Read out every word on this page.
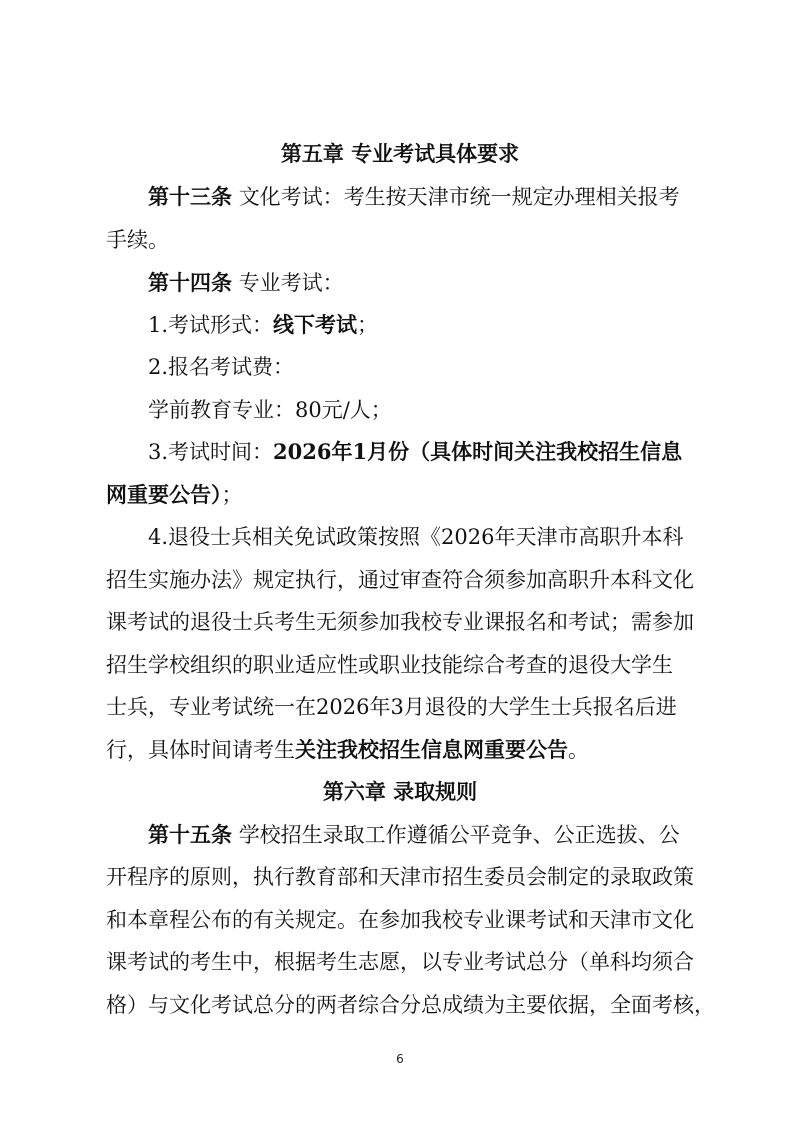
第五章 专业考试具体要求
第十三条 文化考试：考生按天津市统一规定办理相关报考
手续。
第十四条 专业考试：
1.考试形式：线下考试；
2.报名考试费：
学前教育专业：80元/人；
3.考试时间：2026年1月份（具体时间关注我校招生信息
网重要公告）；
4.退役士兵相关免试政策按照《2026年天津市高职升本科
招生实施办法》规定执行，通过审查符合须参加高职升本科文化
课考试的退役士兵考生无须参加我校专业课报名和考试；需参加
招生学校组织的职业适应性或职业技能综合考查的退役大学生
士兵，专业考试统一在2026年3月退役的大学生士兵报名后进
行，具体时间请考生关注我校招生信息网重要公告。
第六章 录取规则
第十五条 学校招生录取工作遵循公平竞争、公正选拔、公
开程序的原则，执行教育部和天津市招生委员会制定的录取政策
和本章程公布的有关规定。在参加我校专业课考试和天津市文化
课考试的考生中，根据考生志愿，以专业考试总分（单科均须合
格）与文化考试总分的两者综合分总成绩为主要依据，全面考核，
6
